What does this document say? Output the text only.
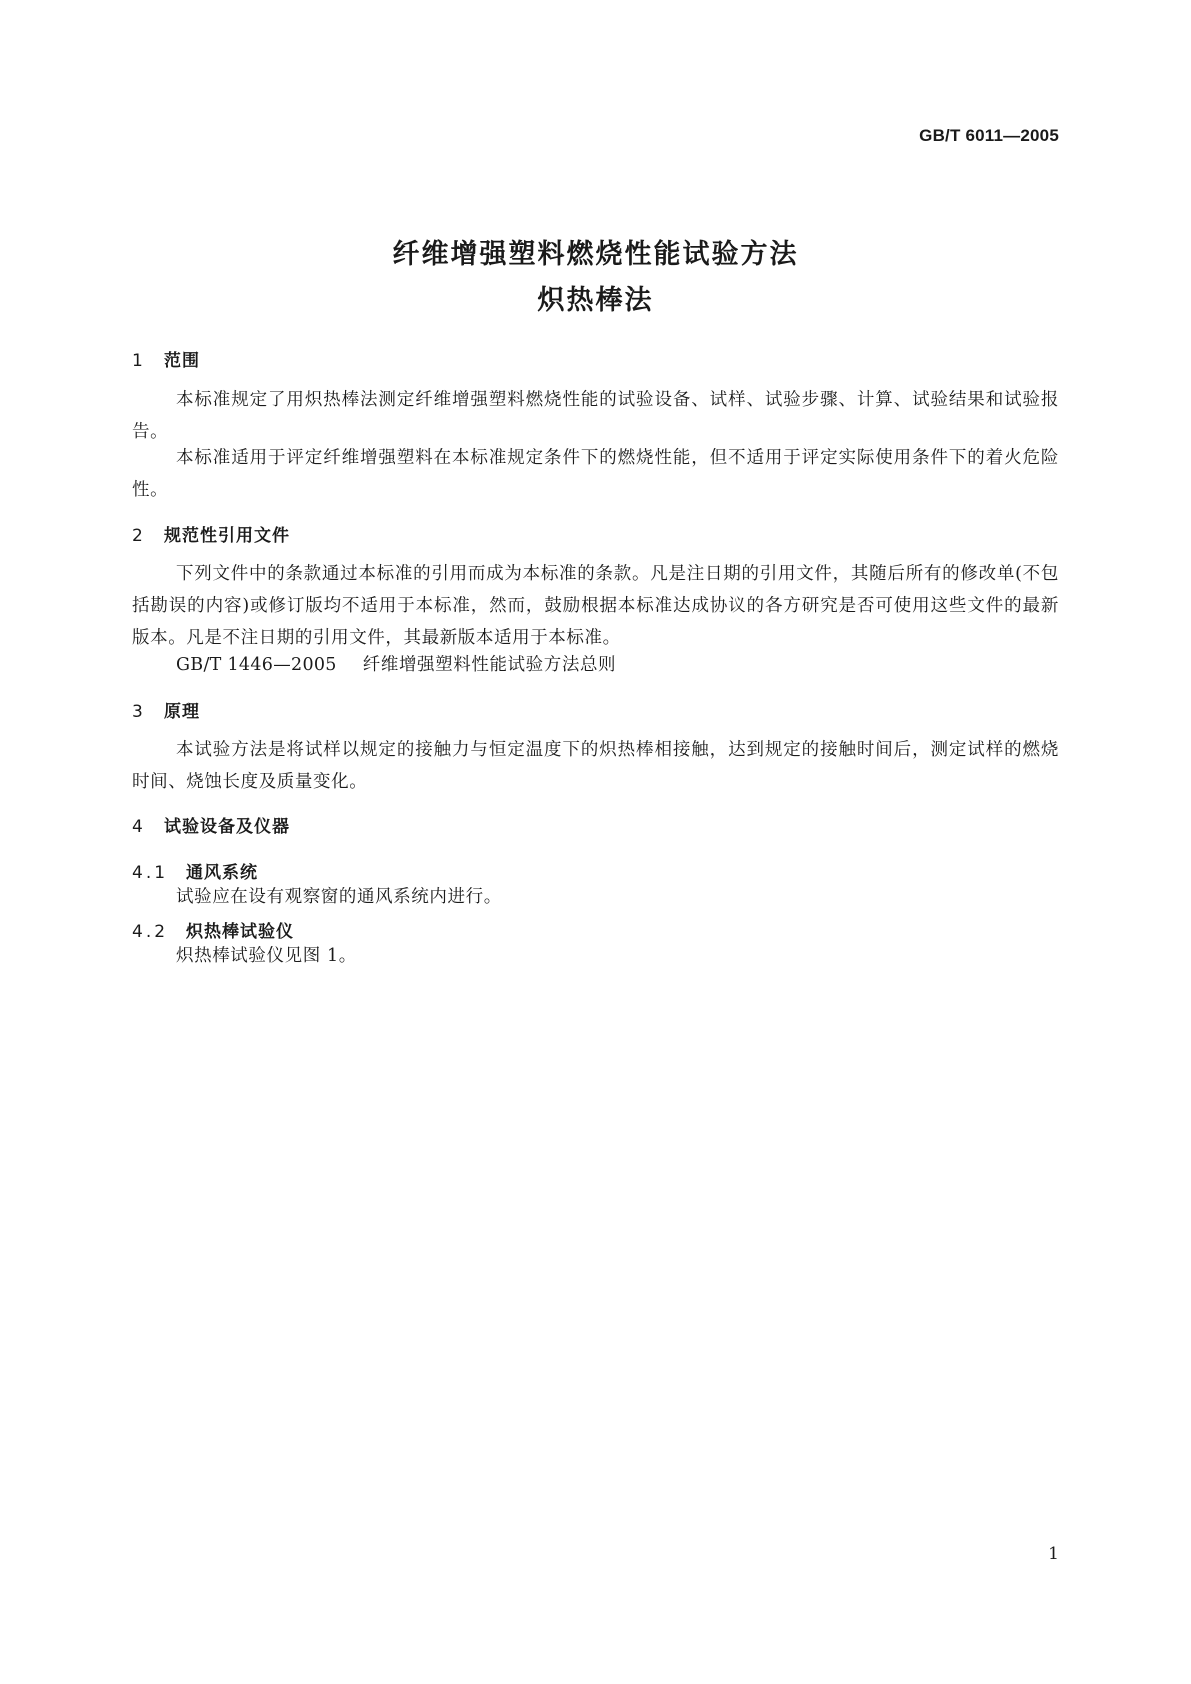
GB/T 6011—2005
纤维增强塑料燃烧性能试验方法
炽热棒法
1 范围
本标准规定了用炽热棒法测定纤维增强塑料燃烧性能的试验设备、试样、试验步骤、计算、试验结果和试验报告。
本标准适用于评定纤维增强塑料在本标准规定条件下的燃烧性能，但不适用于评定实际使用条件下的着火危险性。
2 规范性引用文件
下列文件中的条款通过本标准的引用而成为本标准的条款。凡是注日期的引用文件，其随后所有的修改单(不包括勘误的内容)或修订版均不适用于本标准，然而，鼓励根据本标准达成协议的各方研究是否可使用这些文件的最新版本。凡是不注日期的引用文件，其最新版本适用于本标准。
GB/T 1446—2005 纤维增强塑料性能试验方法总则
3 原理
本试验方法是将试样以规定的接触力与恒定温度下的炽热棒相接触，达到规定的接触时间后，测定试样的燃烧时间、烧蚀长度及质量变化。
4 试验设备及仪器
4.1 通风系统
试验应在设有观察窗的通风系统内进行。
4.2 炽热棒试验仪
炽热棒试验仪见图 1。
1
